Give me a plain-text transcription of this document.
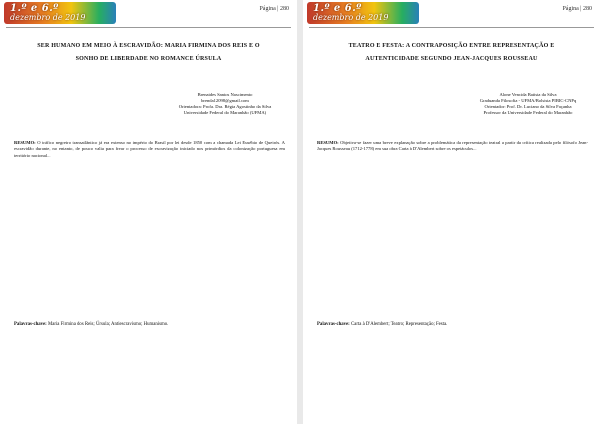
1.º e 6.º
dezembro de 2019
Página | 280
SER HUMANO EM MEIO À ESCRAVIDÃO: MARIA FIRMINA DOS REIS E O
SONHO DE LIBERDADE NO ROMANCE ÚRSULA
Brenaides Santos Nascimento
brenda12098@gmail.com
Orientadora: Profa. Dra. Régia Agostinho da Silva
Universidade Federal do Maranhão (UFMA)
RESUMO: O tráfico negreiro transatlântico já era extenso no império do Brasil por lei desde 1850 com a chamada Lei Eusébio de Queirós. A escravidão durante, no entanto, de pouco valia para frear o processo de escravização iniciado nos primórdios da colonização portuguesa em território nacional...
Palavras-chave: Maria Firmina dos Reis; Úrsula; Antiescravismo; Humanismo.
1.º e 6.º
dezembro de 2019
Página | 280
TEATRO E FESTA: A CONTRAPOSIÇÃO ENTRE REPRESENTAÇÃO E
AUTENTICIDADE SEGUNDO JEAN-JACQUES ROUSSEAU
Alone Vencida Batista da Silva
Graduanda Filosofia - UFMA/Bolsista PIBIC-CNPq
Orientador: Prof. Dr. Luciano da Silva Façanha
Professor da Universidade Federal do Maranhão
RESUMO: Objetiva-se fazer uma breve explanação sobre a problemática da representação teatral a partir da crítica realizada pelo filósofo Jean-Jacques Rousseau (1712-1778) em sua obra Carta à D'Alembert sobre os espetáculos...
Palavras-chave: Carta à D'Alembert; Teatro; Representação; Festa.
